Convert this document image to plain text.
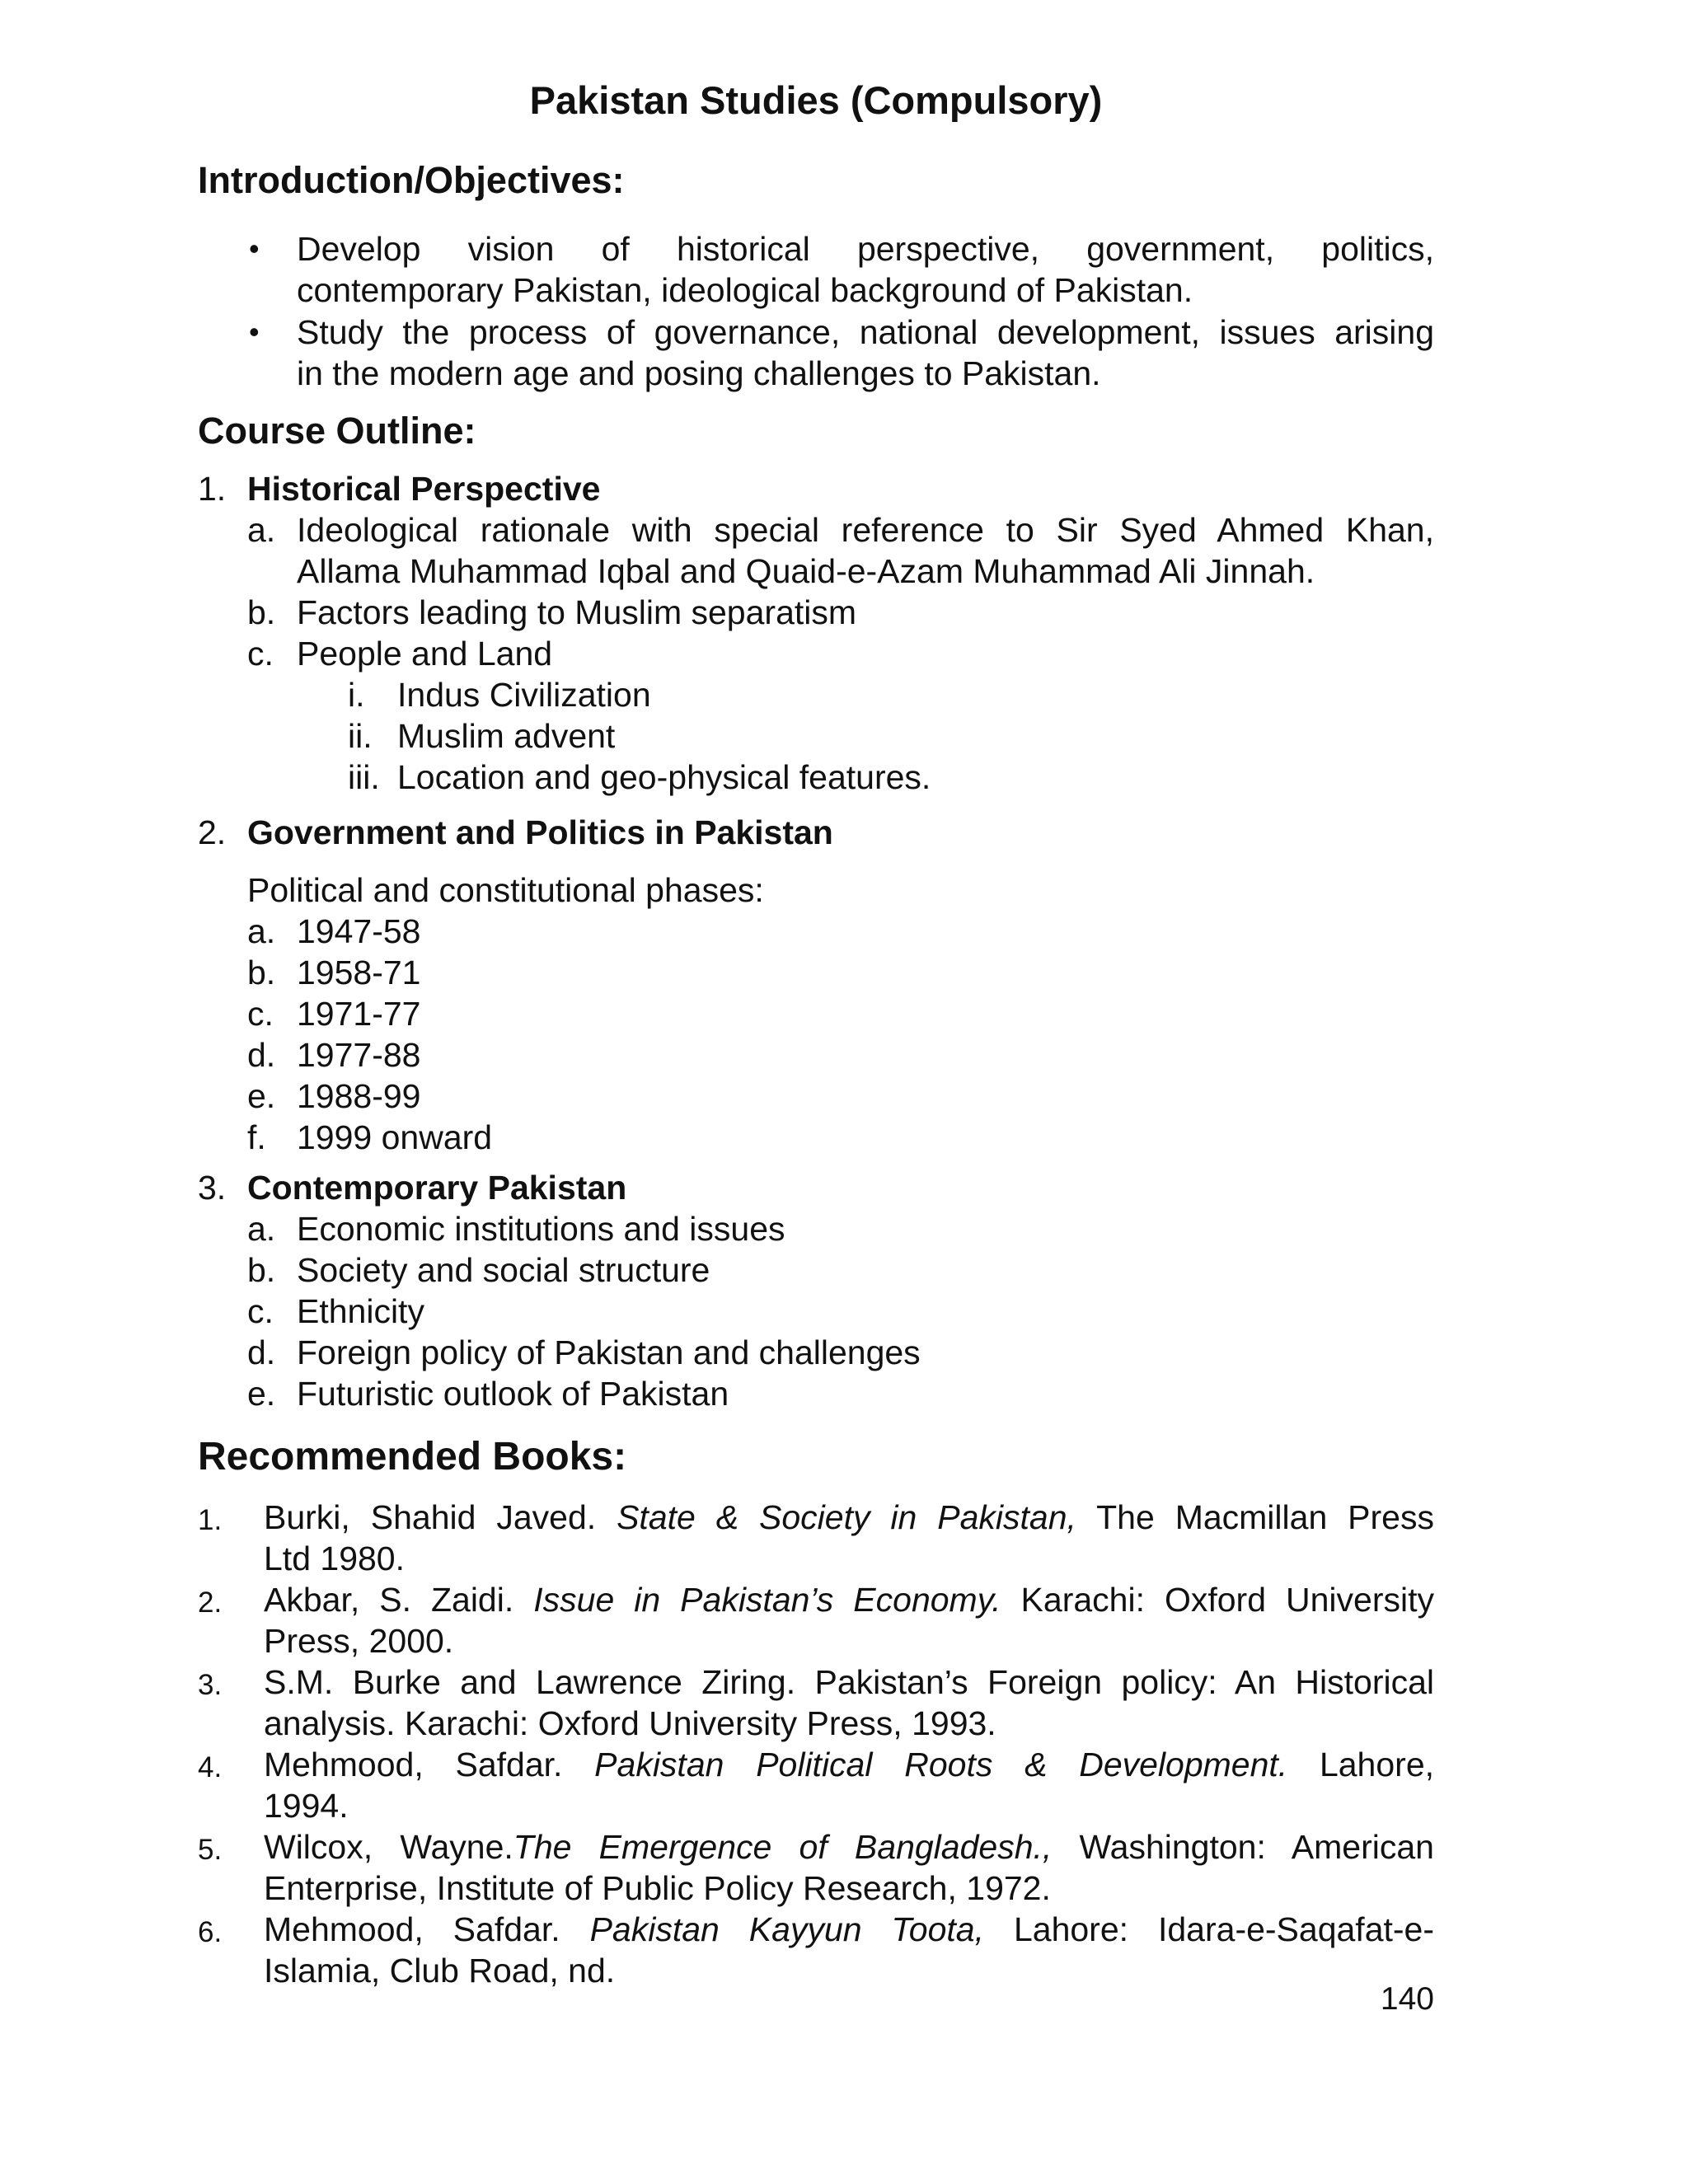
Pakistan Studies (Compulsory)
Introduction/Objectives:
• Develop vision of historical perspective, government, politics,
contemporary Pakistan, ideological background of Pakistan.
• Study the process of governance, national development, issues arising
in the modern age and posing challenges to Pakistan.
Course Outline:
1. Historical Perspective
a. Ideological rationale with special reference to Sir Syed Ahmed Khan,
Allama Muhammad Iqbal and Quaid-e-Azam Muhammad Ali Jinnah.
b. Factors leading to Muslim separatism
c. People and Land
i. Indus Civilization
ii. Muslim advent
iii. Location and geo-physical features.
2. Government and Politics in Pakistan
Political and constitutional phases:
a. 1947-58
b. 1958-71
c. 1971-77
d. 1977-88
e. 1988-99
f. 1999 onward
3. Contemporary Pakistan
a. Economic institutions and issues
b. Society and social structure
c. Ethnicity
d. Foreign policy of Pakistan and challenges
e. Futuristic outlook of Pakistan
Recommended Books:
1. Burki, Shahid Javed. State & Society in Pakistan, The Macmillan Press
Ltd 1980.
2. Akbar, S. Zaidi. Issue in Pakistan’s Economy. Karachi: Oxford University
Press, 2000.
3. S.M. Burke and Lawrence Ziring. Pakistan’s Foreign policy: An Historical
analysis. Karachi: Oxford University Press, 1993.
4. Mehmood, Safdar. Pakistan Political Roots & Development. Lahore,
1994.
5. Wilcox, Wayne.The Emergence of Bangladesh., Washington: American
Enterprise, Institute of Public Policy Research, 1972.
6. Mehmood, Safdar. Pakistan Kayyun Toota, Lahore: Idara-e-Saqafat-e-
Islamia, Club Road, nd.
140
